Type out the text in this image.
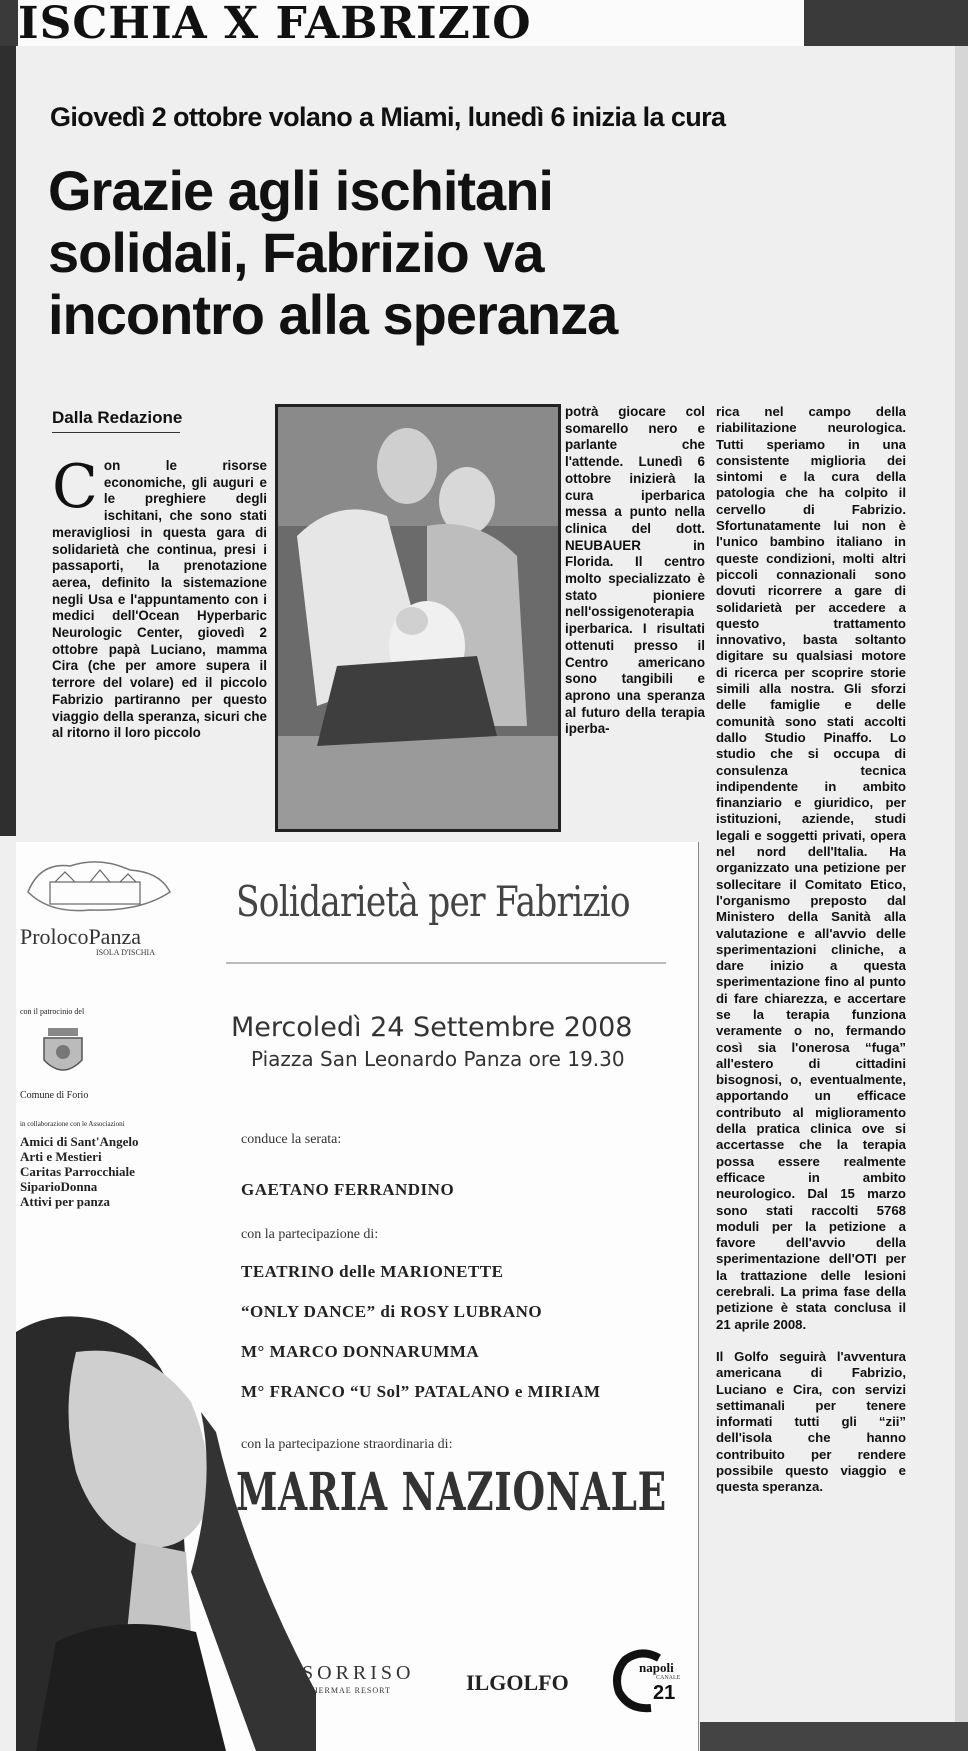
ISCHIA X FABRIZIO
Giovedì 2 ottobre volano a Miami, lunedì 6 inizia la cura
Grazie agli ischitani
solidali, Fabrizio va
incontro alla speranza
Dalla Redazione
Con le risorse economiche, gli auguri e le preghiere degli ischitani, che sono stati meravigliosi in questa gara di solidarietà che continua, presi i passaporti, la prenotazione aerea, definito la sistemazione negli Usa e l'appuntamento con i medici dell'Ocean Hyperbaric Neurologic Center, giovedì 2 ottobre papà Luciano, mamma Cira (che per amore supera il terrore del volare) ed il piccolo Fabrizio partiranno per questo viaggio della speranza, sicuri che al ritorno il loro piccolo
potrà giocare col somarello nero e parlante che l'attende. Lunedì 6 ottobre inizierà la cura iperbarica messa a punto nella clinica del dott. NEUBAUER in Florida. Il centro molto specializzato è stato pioniere nell'ossigenoterapia iperbarica. I risultati ottenuti presso il Centro americano sono tangibili e aprono una speranza al futuro della terapia iperba-
rica nel campo della riabilitazione neurologica. Tutti speriamo in una consistente miglioria dei sintomi e la cura della patologia che ha colpito il cervello di Fabrizio. Sfortunatamente lui non è l'unico bambino italiano in queste condizioni, molti altri piccoli connazionali sono dovuti ricorrere a gare di solidarietà per accedere a questo trattamento innovativo, basta soltanto digitare su qualsiasi motore di ricerca per scoprire storie simili alla nostra. Gli sforzi delle famiglie e delle comunità sono stati accolti dallo Studio Pinaffo. Lo studio che si occupa di consulenza tecnica indipendente in ambito finanziario e giuridico, per istituzioni, aziende, studi legali e soggetti privati, opera nel nord dell'Italia. Ha organizzato una petizione per sollecitare il Comitato Etico, l'organismo preposto dal Ministero della Sanità alla valutazione e all'avvio delle sperimentazioni cliniche, a dare inizio a questa sperimentazione fino al punto di fare chiarezza, e accertare se la terapia funziona veramente o no, fermando così sia l'onerosa “fuga” all'estero di cittadini bisognosi, o, eventualmente, apportando un efficace contributo al miglioramento della pratica clinica ove si accertasse che la terapia possa essere realmente efficace in ambito neurologico. Dal 15 marzo sono stati raccolti 5768 moduli per la petizione a favore dell'avvio della sperimentazione dell'OTI per la trattazione delle lesioni cerebrali. La prima fase della petizione è stata conclusa il 21 aprile 2008.
Il Golfo seguirà l'avventura americana di Fabrizio, Luciano e Cira, con servizi settimanali per tenere informati tutti gli “zii” dell'isola che hanno contribuito per rendere possibile questo viaggio e questa speranza.
Solidarietà per Fabrizio
Mercoledì 24 Settembre 2008
Piazza San Leonardo Panza ore 19.30
conduce la serata:
GAETANO FERRANDINO
con la partecipazione di:
TEATRINO delle MARIONETTE
“ONLY DANCE” di ROSY LUBRANO
M° MARCO DONNARUMMA
M° FRANCO “U Sol” PATALANO e MIRIAM
con la partecipazione straordinaria di:
MARIA NAZIONALE
ProlocoPanza
ISOLA D'ISCHIA
con il patrocinio del
Comune di Forio
in collaborazione con le Associazioni
Amici di Sant'Angelo
Arti e Mestieri
Caritas Parrocchiale
SiparioDonna
Attivi per panza
SORRISO
THERMAE RESORT	ILGOLFO
napoli
CANALE
21
